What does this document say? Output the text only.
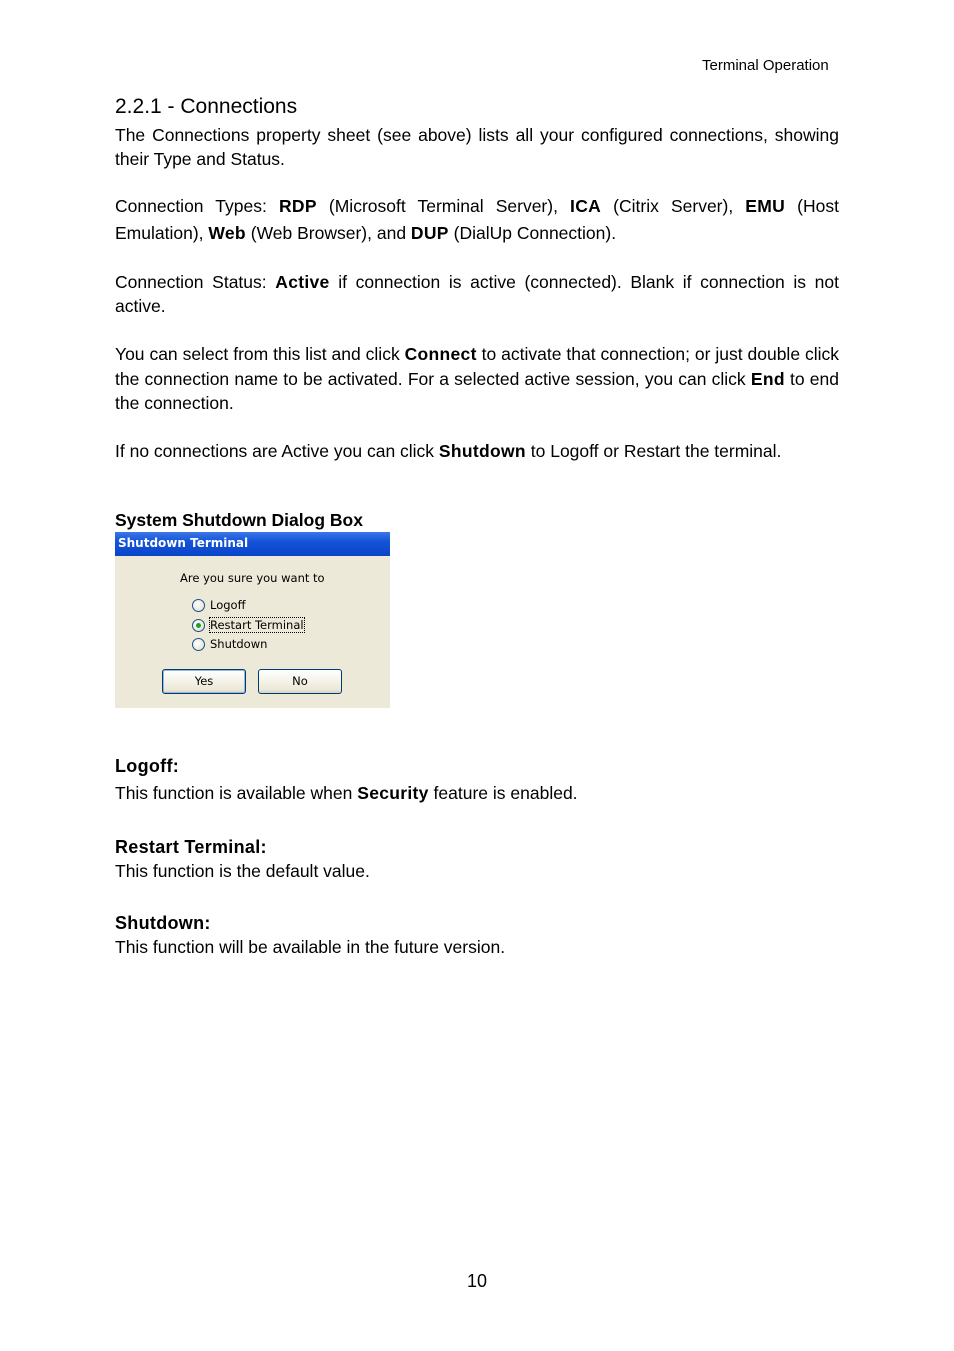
Terminal Operation
2.2.1 - Connections
The Connections property sheet (see above) lists all your configured connections, showing their Type and Status.
Connection Types: RDP (Microsoft Terminal Server), ICA (Citrix Server), EMU (Host Emulation), Web (Web Browser), and DUP (DialUp Connection).
Connection Status: Active if connection is active (connected). Blank if connection is not active.
You can select from this list and click Connect to activate that connection; or just double click the connection name to be activated. For a selected active session, you can click End to end the connection.
If no connections are Active you can click Shutdown to Logoff or Restart the terminal.
System Shutdown Dialog Box
Shutdown Terminal
Are you sure you want to
Logoff
Restart Terminal
Shutdown
Yes	No
Logoff:
This function is available when Security feature is enabled.
Restart Terminal:
This function is the default value.
Shutdown:
This function will be available in the future version.
10
